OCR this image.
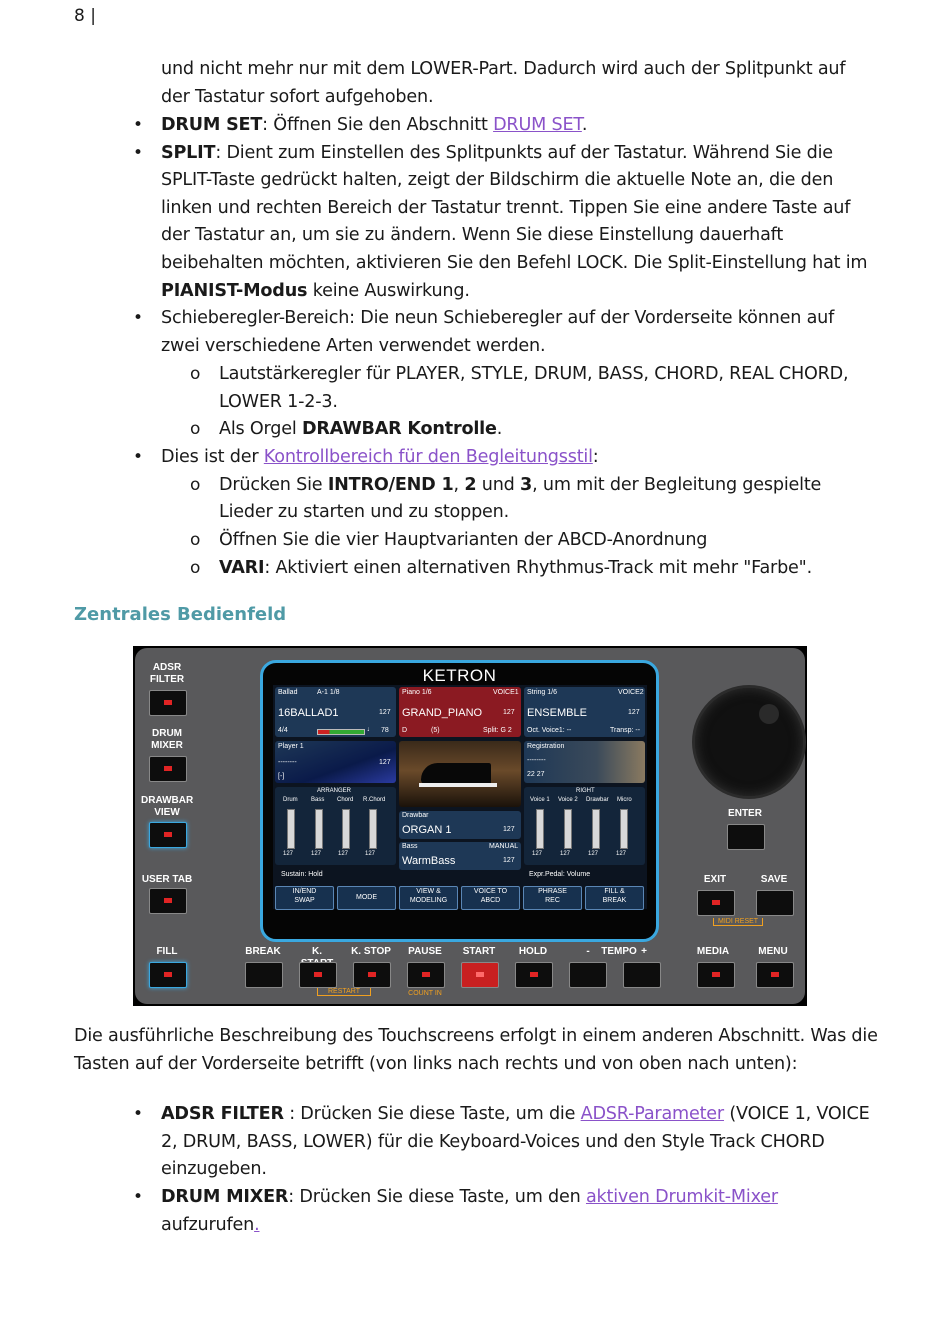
8 |
und nicht mehr nur mit dem LOWER-Part. Dadurch wird auch der Splitpunkt auf
der Tastatur sofort aufgehoben.
• DRUM SET: Öffnen Sie den Abschnitt DRUM SET.
• SPLIT: Dient zum Einstellen des Splitpunkts auf der Tastatur. Während Sie die
SPLIT-Taste gedrückt halten, zeigt der Bildschirm die aktuelle Note an, die den
linken und rechten Bereich der Tastatur trennt. Tippen Sie eine andere Taste auf
der Tastatur an, um sie zu ändern. Wenn Sie diese Einstellung dauerhaft
beibehalten möchten, aktivieren Sie den Befehl LOCK. Die Split-Einstellung hat im
PIANIST-Modus keine Auswirkung.
• Schieberegler-Bereich: Die neun Schieberegler auf der Vorderseite können auf
zwei verschiedene Arten verwendet werden.
o Lautstärkeregler für PLAYER, STYLE, DRUM, BASS, CHORD, REAL CHORD,
LOWER 1-2-3.
o Als Orgel DRAWBAR Kontrolle.
• Dies ist der Kontrollbereich für den Begleitungsstil:
o Drücken Sie INTRO/END 1, 2 und 3, um mit der Begleitung gespielte
Lieder zu starten und zu stoppen.
o Öffnen Sie die vier Hauptvarianten der ABCD-Anordnung
o VARI: Aktiviert einen alternativen Rhythmus-Track mit mehr "Farbe".
Zentrales Bedienfeld
ADSR
FILTER
DRUM
MIXER
DRAWBAR
VIEW
USER TAB
FILL
KETRON
Ballad	A-1 1/8
16BALLAD1	127
4/4	♩ 78
Piano 1/6	VOICE1
GRAND_PIANO	127
D	(5)	Split: G 2
String 1/6	VOICE2
ENSEMBLE	127
Oct. Voice1: --	Transp: --
Player 1
--------	127
[-]
Registration
--------
22 27
ARRANGER
Drum Bass Chord R.Chord
127	127	127	127
Drawbar
ORGAN 1	127
Bass	MANUAL
WarmBass	127
RIGHT
Voice 1 Voice 2 Drawbar Micro
127	127	127	127
Sustain: Hold	Expr.Pedal: Volume
IN/END
SWAP	MODE
VIEW &
MODELING
VOICE TO
ABCD
PHRASE
REC
FILL &
BREAK
ENTER
EXIT	SAVE
MIDI RESET
BREAK	K.	K. STOP	PAUSE	START	HOLD	-	TEMPO +	MEDIA	MENU
RESTART	COUNT IN
Die ausführliche Beschreibung des Touchscreens erfolgt in einem anderen Abschnitt. Was die
Tasten auf der Vorderseite betrifft (von links nach rechts und von oben nach unten):
• ADSR FILTER : Drücken Sie diese Taste, um die ADSR-Parameter (VOICE 1, VOICE
2, DRUM, BASS, LOWER) für die Keyboard-Voices und den Style Track CHORD
einzugeben.
• DRUM MIXER: Drücken Sie diese Taste, um den aktiven Drumkit-Mixer
aufzurufen.
